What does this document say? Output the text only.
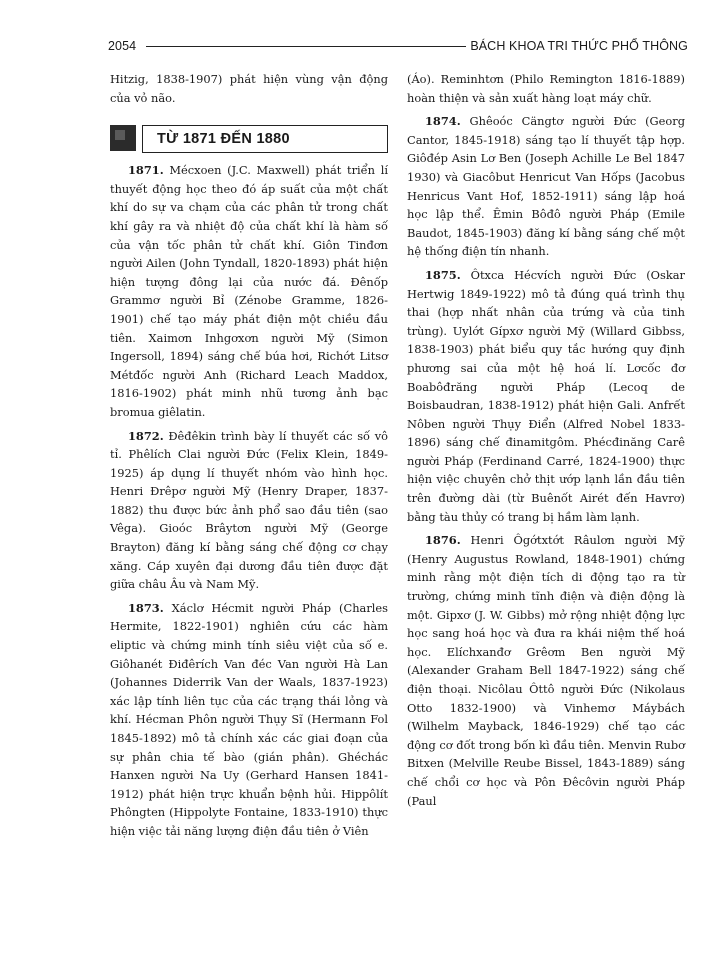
2054	BÁCH KHOA TRI THỨC PHỔ THÔNG

Hitzig, 1838-1907) phát hiện vùng vận động của vỏ não.

TỪ 1871 ĐẾN 1880

1871. Mécxoen (J.C. Maxwell) phát triển lí thuyết động học theo đó áp suất của một chất khí do sự va chạm của các phân tử trong chất khí gây ra và nhiệt độ của chất khí là hàm số của vận tốc phân tử chất khí. Giôn Tinđơn người Ailen (John Tyndall, 1820-1893) phát hiện hiện tượng đông lại của nước đá. Đênốp Grammơ người Bỉ (Zénobe Gramme, 1826-1901) chế tạo máy phát điện một chiều đầu tiên. Xaimơn Inhgơxơn người Mỹ (Simon Ingersoll, 1894) sáng chế búa hơi, Richớt Litsơ Métđốc người Anh (Richard Leach Maddox, 1816-1902) phát minh nhũ tương ảnh bạc bromua giêlatin.

1872. Đêđêkin trình bày lí thuyết các số vô tỉ. Phêlích Clai người Đức (Felix Klein, 1849-1925) áp dụng lí thuyết nhóm vào hình học. Henri Đrêpơ người Mỹ (Henry Draper, 1837-1882) thu được bức ảnh phổ sao đầu tiên (sao Vêga). Gioóc Brâytơn người Mỹ (George Brayton) đăng kí bằng sáng chế động cơ chạy xăng. Cáp xuyên đại dương đầu tiên được đặt giữa châu Âu và Nam Mỹ.

1873. Xáclơ Hécmit người Pháp (Charles Hermite, 1822-1901) nghiên cứu các hàm eliptic và chứng minh tính siêu việt của số e. Giôhanét Điđêrích Van đéc Van người Hà Lan (Johannes Diderrik Van der Waals, 1837-1923) xác lập tính liên tục của các trạng thái lỏng và khí. Hécman Phôn người Thụy Sĩ (Hermann Fol 1845-1892) mô tả chính xác các giai đoạn của sự phân chia tế bào (gián phân). Ghéchác Hanxen người Na Uy (Gerhard Hansen 1841-1912) phát hiện trực khuẩn bệnh hủi. Hippôlít Phôngten (Hippolyte Fontaine, 1833-1910) thực hiện việc tải năng lượng điện đầu tiên ở Viên

(Áo). Reminhtơn (Philo Remington 1816-1889) hoàn thiện và sản xuất hàng loạt máy chữ.

1874. Ghêoóc Cängtơ người Đức (Georg Cantor, 1845-1918) sáng tạo lí thuyết tập hợp. Giôđép Asin Lơ Ben (Joseph Achille Le Bel 1847 1930) và Giacôbut Henricut Van Hốps (Jacobus Henricus Vant Hof, 1852-1911) sáng lập hoá học lập thể. Êmin Bôđô người Pháp (Emile Baudot, 1845-1903) đăng kí bằng sáng chế một hệ thống điện tín nhanh.

1875. Ôtxca Hécvích người Đức (Oskar Hertwig 1849-1922) mô tả đúng quá trình thụ thai (hợp nhất nhân của trứng và của tinh trùng). Uylớt Gípxơ người Mỹ (Willard Gibbss, 1838-1903) phát biểu quy tắc hướng quy định phương sai của một hệ hoá lí. Lơcốc đơ Boabôđrăng người Pháp (Lecoq de Boisbaudran, 1838-1912) phát hiện Gali. Anfrết Nôben người Thụy Điển (Alfred Nobel 1833-1896) sáng chế đinamitgôm. Phécđinăng Carê người Pháp (Ferdinand Carré, 1824-1900) thực hiện việc chuyên chở thịt ướp lạnh lần đầu tiên trên đường dài (từ Buênốt Airét đến Havrơ) bằng tàu thủy có trang bị hầm làm lạnh.

1876. Henri Ôgớtxtớt Râulơn người Mỹ (Henry Augustus Rowland, 1848-1901) chứng minh rằng một điện tích di động tạo ra từ trường, chứng minh tĩnh điện và điện động là một. Gipxơ (J. W. Gibbs) mở rộng nhiệt động lực học sang hoá học và đưa ra khái niệm thế hoá học. Elíchxanđơ Grêơm Ben người Mỹ (Alexander Graham Bell 1847-1922) sáng chế điện thoại. Nicôlau Ôttô người Đức (Nikolaus Otto 1832-1900) và Vinhemơ Máybách (Wilhelm Mayback, 1846-1929) chế tạo các động cơ đốt trong bốn kì đầu tiên. Menvin Rubơ Bitxen (Melville Reube Bissel, 1843-1889) sáng chế chổi cơ học và Pôn Đêcôvin người Pháp (Paul
